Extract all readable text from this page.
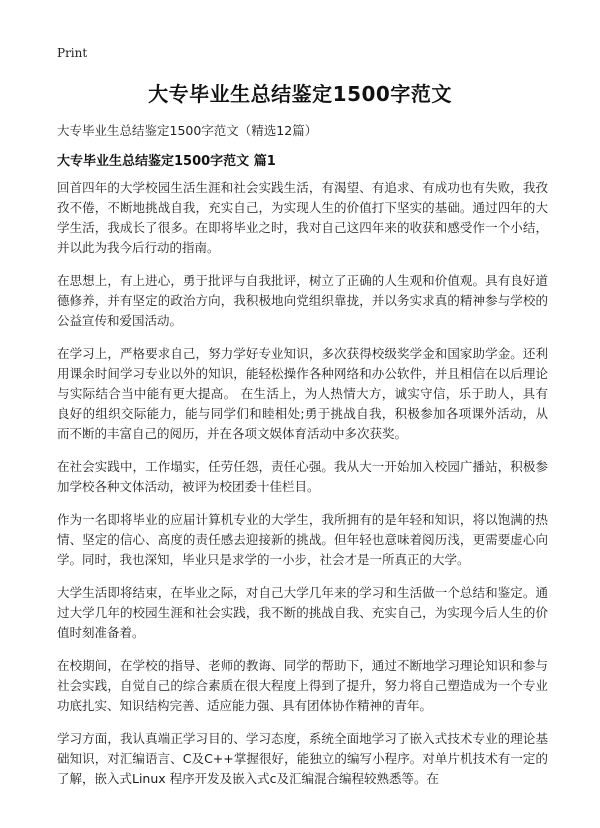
Print
大专毕业生总结鉴定1500字范文
大专毕业生总结鉴定1500字范文（精选12篇）
大专毕业生总结鉴定1500字范文 篇1

回首四年的大学校园生活生涯和社会实践生活，有渴望、有追求、有成功也有失败，我孜孜不倦，不断地挑战自我，充实自己，为实现人生的价值打下坚实的基础。通过四年的大学生活，我成长了很多。在即将毕业之时，我对自己这四年来的收获和感受作一个小结，并以此为我今后行动的指南。

在思想上，有上进心，勇于批评与自我批评，树立了正确的人生观和价值观。具有良好道德修养，并有坚定的政治方向，我积极地向党组织靠拢，并以务实求真的精神参与学校的公益宣传和爱国活动。

在学习上，严格要求自己，努力学好专业知识，多次获得校级奖学金和国家助学金。还利用课余时间学习专业以外的知识，能轻松操作各种网络和办公软件，并且相信在以后理论与实际结合当中能有更大提高。 在生活上，为人热情大方，诚实守信，乐于助人，具有良好的组织交际能力，能与同学们和睦相处;勇于挑战自我，积极参加各项课外活动，从而不断的丰富自己的阅历，并在各项文娱体育活动中多次获奖。

在社会实践中，工作塌实，任劳任怨，责任心强。我从大一开始加入校园广播站，积极参加学校各种文体活动，被评为校团委十佳栏目。

作为一名即将毕业的应届计算机专业的大学生，我所拥有的是年轻和知识，将以饱满的热情、坚定的信心、高度的责任感去迎接新的挑战。但年轻也意味着阅历浅，更需要虚心向学。同时，我也深知，毕业只是求学的一小步，社会才是一所真正的大学。

大学生活即将结束，在毕业之际，对自己大学几年来的学习和生活做一个总结和鉴定。通过大学几年的校园生涯和社会实践，我不断的挑战自我、充实自己，为实现今后人生的价值时刻准备着。

在校期间，在学校的指导、老师的教诲、同学的帮助下，通过不断地学习理论知识和参与社会实践，自觉自己的综合素质在很大程度上得到了提升，努力将自己塑造成为一个专业功底扎实、知识结构完善、适应能力强、具有团体协作精神的青年。

学习方面，我认真端正学习目的、学习态度，系统全面地学习了嵌入式技术专业的理论基础知识，对汇编语言、C及C++掌握很好，能独立的编写小程序。对单片机技术有一定的了解，嵌入式Linux 程序开发及嵌入式c及汇编混合编程较熟悉等。在
